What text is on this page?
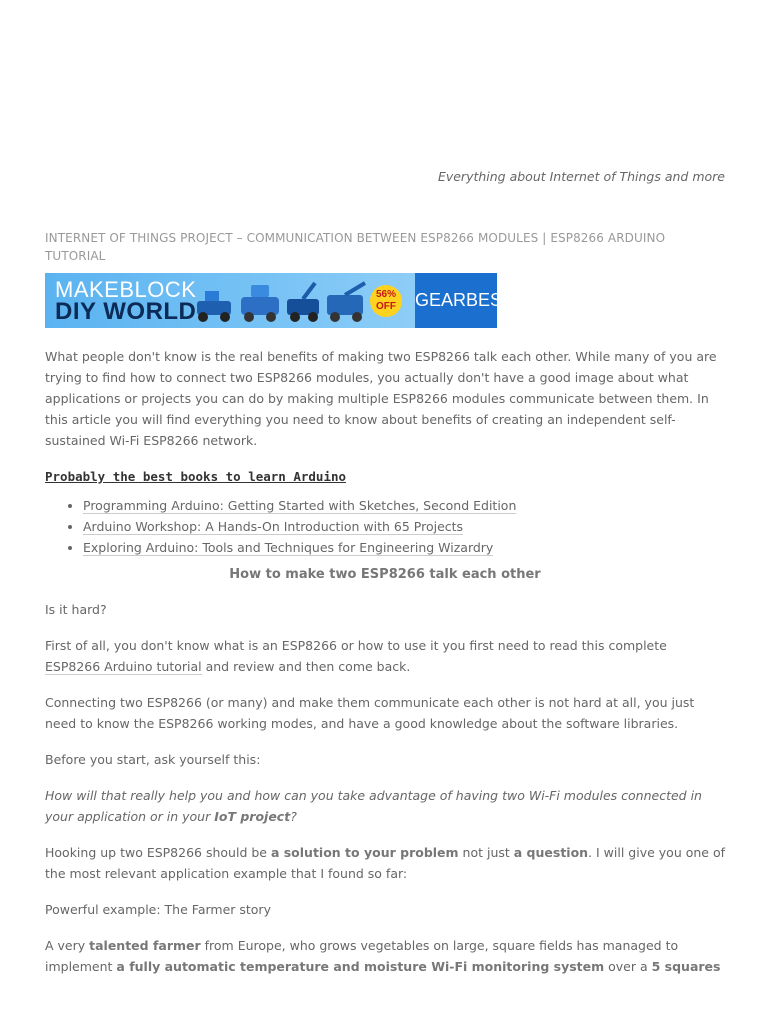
Everything about Internet of Things and more
INTERNET OF THINGS PROJECT – COMMUNICATION BETWEEN ESP8266 MODULES | ESP8266 ARDUINO TUTORIAL
MAKEBLOCK
DIY WORLD
56%
OFF	GEARBEST

What people don't know is the real benefits of making two ESP8266 talk each other. While many of you are trying to find how to connect two ESP8266 modules, you actually don't have a good image about what applications or projects you can do by making multiple ESP8266 modules communicate between them. In this article you will find everything you need to know about benefits of creating an independent self-sustained Wi-Fi ESP8266 network.

Probably the best books to learn Arduino
• Programming Arduino: Getting Started with Sketches, Second Edition
• Arduino Workshop: A Hands-On Introduction with 65 Projects
• Exploring Arduino: Tools and Techniques for Engineering Wizardry
How to make two ESP8266 talk each other

Is it hard?

First of all, you don't know what is an ESP8266 or how to use it you first need to read this complete ESP8266 Arduino tutorial and review and then come back.

Connecting two ESP8266 (or many) and make them communicate each other is not hard at all, you just need to know the ESP8266 working modes, and have a good knowledge about the software libraries.

Before you start, ask yourself this:

How will that really help you and how can you take advantage of having two Wi-Fi modules connected in your application or in your IoT project?

Hooking up two ESP8266 should be a solution to your problem not just a question. I will give you one of the most relevant application example that I found so far:

Powerful example: The Farmer story

A very talented farmer from Europe, who grows vegetables on large, square fields has managed to implement a fully automatic temperature and moisture Wi-Fi monitoring system over a 5 squares
